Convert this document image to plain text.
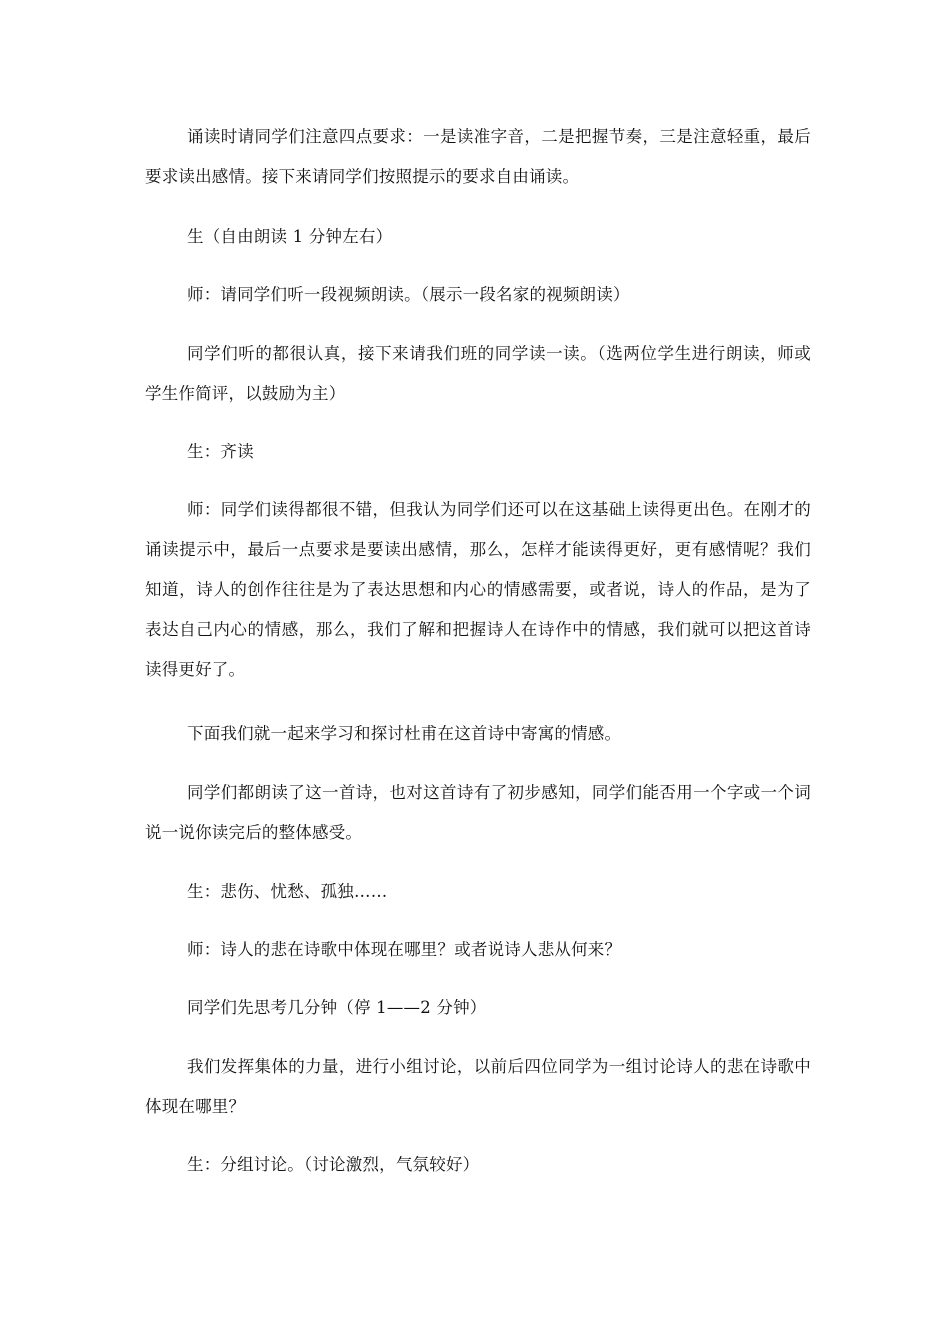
诵读时请同学们注意四点要求：一是读准字音，二是把握节奏，三是注意轻重，最后要求读出感情。接下来请同学们按照提示的要求自由诵读。

生（自由朗读 1 分钟左右）

师：请同学们听一段视频朗读。（展示一段名家的视频朗读）

同学们听的都很认真，接下来请我们班的同学读一读。（选两位学生进行朗读，师或学生作简评，以鼓励为主）

生：齐读

师：同学们读得都很不错，但我认为同学们还可以在这基础上读得更出色。在刚才的诵读提示中，最后一点要求是要读出感情，那么，怎样才能读得更好，更有感情呢？我们知道，诗人的创作往往是为了表达思想和内心的情感需要，或者说，诗人的作品，是为了表达自己内心的情感，那么，我们了解和把握诗人在诗作中的情感，我们就可以把这首诗读得更好了。

下面我们就一起来学习和探讨杜甫在这首诗中寄寓的情感。

同学们都朗读了这一首诗，也对这首诗有了初步感知，同学们能否用一个字或一个词说一说你读完后的整体感受。

生：悲伤、忧愁、孤独……

师：诗人的悲在诗歌中体现在哪里？或者说诗人悲从何来？

同学们先思考几分钟（停 1——2 分钟）

我们发挥集体的力量，进行小组讨论，以前后四位同学为一组讨论诗人的悲在诗歌中体现在哪里？

生：分组讨论。（讨论激烈，气氛较好）
